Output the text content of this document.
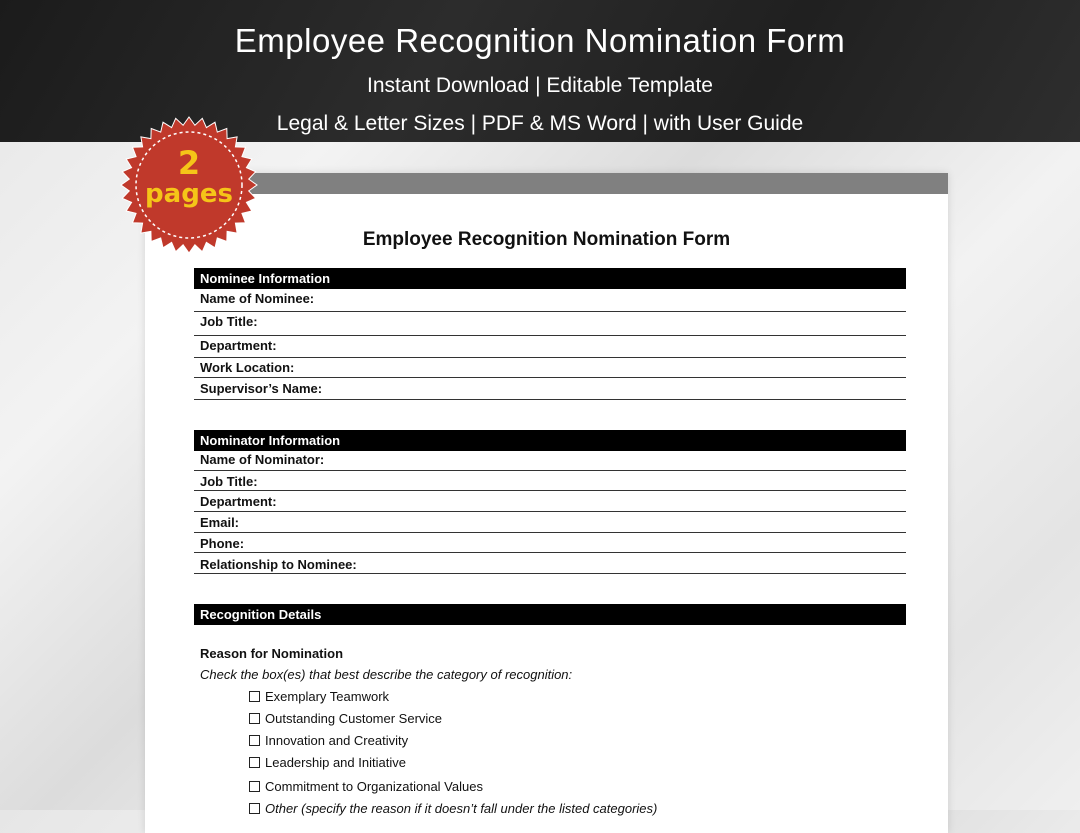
Employee Recognition Nomination Form
Instant Download | Editable Template
Legal & Letter Sizes | PDF & MS Word | with User Guide
Employee Recognition Nomination Form
Nominee Information
Name of Nominee:
Job Title:
Department:
Work Location:
Supervisor’s Name:
Nominator Information
Name of Nominator:
Job Title:
Department:
Email:
Phone:
Relationship to Nominee:
Recognition Details
Reason for Nomination
Check the box(es) that best describe the category of recognition:
Exemplary Teamwork
Outstanding Customer Service
Innovation and Creativity
Leadership and Initiative
Commitment to Organizational Values
Other (specify the reason if it doesn’t fall under the listed categories)
2
pages
